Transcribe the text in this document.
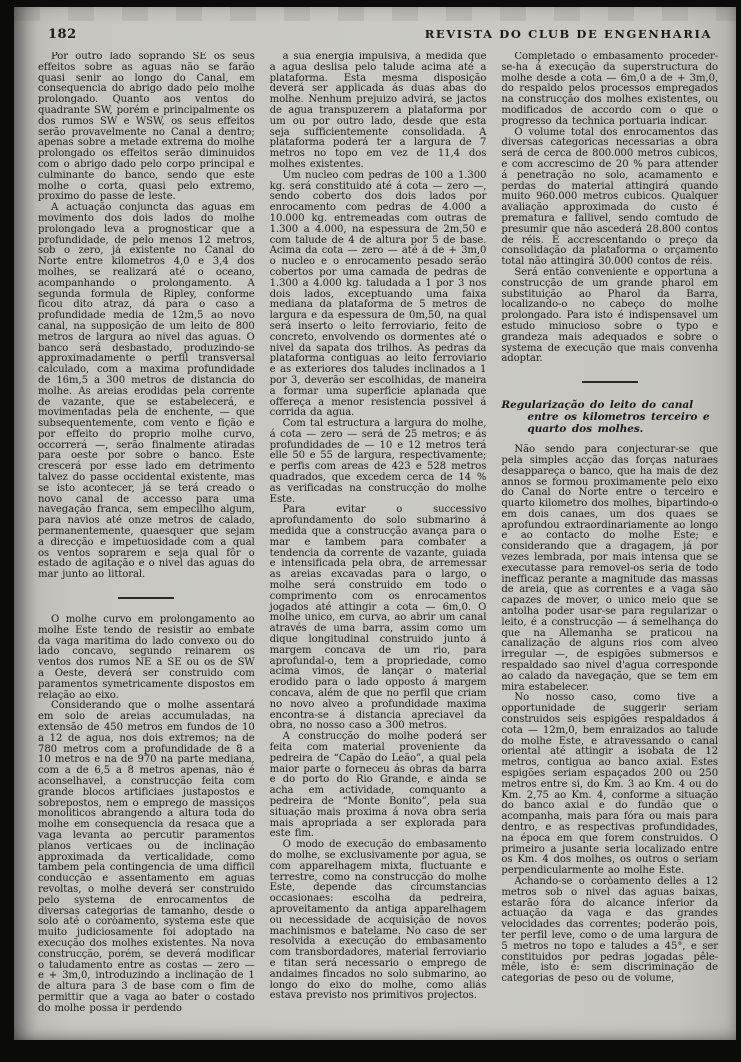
182	REVISTA DO CLUB DE ENGENHARIA

Por outro lado soprando SE os seus effeitos sobre as aguas não se farão quasi senir ao longo do Canal, em consequencia do abrigo dado pelo molhe prolongado. Quanto aos ventos do quadrante SW, porém e principalmente os dos rumos SW e WSW, os seus effeitos serão provavelmente no Canal a dentro; apenas sobre a metade extrema do molhe prolongado os effeitos serão diminuidos com o abrigo dado pelo corpo principal e culminante do banco, sendo que este molhe o corta, quasi pelo extremo, proximo do passe de leste.

A actuação conjuncta das aguas em movimento dos dois lados do molhe prolongado leva a prognosticar que a profundidade, de pelo menos 12 metros, sob o zero, já existente no Canal do Norte entre kilometros 4,0 e 3,4 dos molhes, se realizará até o oceano, acompanhando o prolongamento. A segunda formula de Ripley, conforme ficou dito atraz, dá para o caso a profundidade media de 12m,5 ao novo canal, na supposição de um leito de 800 metros de largura ao nivel das aguas. O banco será desbastado, produzindo-se approximadamente o perfil transversal calculado, com a maxima profundidade de 16m,5 a 300 metros de distancia do molhe. As areias erodidas pela corrente de vazante, que se estabelecerá, e movimentadas pela de enchente, — que subsequentemente, com vento e fição e por effeito do proprio molhe curvo, occorrerá —, serão finalmente atiradas para oeste por sobre o banco. Este crescerá por esse lado em detrimento talvez do passe occidental existente, mas se isto acontecer, já se terá creado o novo canal de accesso para uma navegação franca, sem empecilho algum, para navios até onze metros de calado, permanentemente, quaesquer que sejam a direcção e impetuosidade com a qual os ventos soprarem e seja qual fôr o estado de agitação e o nivel das aguas do mar junto ao littoral.

O molhe curvo em prolongamento ao molhe Este tendo de resistir ao embate da vaga maritima do lado convexo ou do lado concavo, segundo reinarem os ventos dos rumos NE a SE ou os de SW a Oeste, deverá ser construido com paramentos symetricamente dispostos em relação ao eixo.

Considerando que o molhe assentará em solo de areias accumuladas, na extensão de 450 metros em fundos de 10 a 12 de agua, nos dois extremos; na de 780 metros com a profundidade de 8 a 10 metros e na de 970 na parte mediana, com a de 6,5 a 8 metros apenas, não é aconselhavel, a construcção feita com grande blocos artificiaes justapostos e sobrepostos, nem o emprego de massiços monoliticos abrangendo a altura toda do molhe em consequencia da resaca que a vaga levanta ao percutir paramentos planos verticaes ou de inclinação approximada da verticalidade, como tambem pela contingencia de uma difficil conducção e assentamento em aguas revoltas, o molhe deverá ser construido pelo systema de enrocamentos de diversas categorias de tamanho, desde o solo até o coròamento, systema este que muito judiciosamente foi adoptado na execução dos molhes existentes. Na nova construcção, porém, se deverá modificar o taludamento entre as costas — zero — e + 3m,0, introduzindo a inclinação de 1 de altura para 3 de base com o fim de permittir que a vaga ao bater o costado do molhe possa ir perdendo

a sua energia impulsiva, á medida que a agua deslisa pelo talude acima até a plataforma. Esta mesma disposição deverá ser applicada ás duas abas do molhe. Nenhum prejuizo advirá, se jactos de agua transpuzerem a plataforma por um ou por outro lado, desde que esta seja sufficientemente consolidada. A plataforma poderá ter a largura de 7 metros no topo em vez de 11,4 dos molhes existentes.

Um nucleo com pedras de 100 a 1.300 kg. será constituido até á cota — zero —, sendo coberto dos dois lados por enrocamento com pedras de 4.000 a 10.000 kg. entremeadas com outras de 1.300 a 4.000, na espessura de 2m,50 e com talude de 4 de altura por 5 de base. Acima da cota — zero — até á de + 3m,0 o nucleo e o enrocamento pesado serão cobertos por uma camada de pedras de 1.300 a 4.000 kg. taludada a 1 por 3 nos dois lados, exceptuando uma faixa mediana da plataforma de 5 metros de largura e da espessura de 0m,50, na qual será inserto o leito ferroviario, feito de concreto, envolvendo os dormentes até o nivel da sapata dos trilhos. As pedras da plataforma contiguas ao leito ferroviario e as exteriores dos taludes inclinados a 1 por 3, deverão ser escolhidas, de maneira a formar uma superficie aplanada que offereça a menor resistencia possivel á corrida da agua.

Com tal estructura a largura do molhe, á cota — zero — será de 25 metros; e ás profundidades de — 10 e 12 metros terá elle 50 e 55 de largura, respectivamente; e perfis com areas de 423 e 528 metros quadrados, que excedem cerca de 14 % as verificadas na construcção do molhe Este.

Para evitar o successivo aprofundamento do solo submarino á medida que a construcção avança para o mar e tambem para combater a tendencia da corrente de vazante, guiada e intensificada pela obra, de arremessar as areias excavadas para o largo, o molhe será construido em todo o comprimento com os enrocamentos jogados até attingir a cota — 6m,0. O molhe unico, em curva, ao abrir um canal através de uma barra, assim como um dique longitudinal construido junto á margem concava de um rio, para aprofundal-o, tem a propriedade, como acima vimos, de lançar o material erodido para o lado opposto á margem concava, além de que no perfil que criam no novo alveo a profundidade maxima encontra-se á distancia apreciavel da obra, no nosso caso a 300 metros.

A construcção do molhe poderá ser feita com material proveniente da pedreira de “Capão do Leão”, a qual pela maior parte o forneceu ás obras da barra e do porto do Rio Grande, e ainda se acha em actividade, comquanto a pedreira de “Monte Bonito”, pela sua situação mais proxima á nova obra seria mais apropriada a ser explorada para este fim.

O modo de execução do embasamento do molhe, se exclusivamente por agua, se com apparelhagem mixta, fluctuante e terrestre, como na construcção do molhe Este, depende das circumstancias occasionaes: escolha da pedreira, aproveitamento da antiga apparelhagem ou necessidade de acquisição de novos machinismos e batelame. No caso de ser resolvida a execução do embasamento com transbordadores, material ferroviario e titan será necessario o emprego de andaimes fincados no solo submarino, ao longo do eixo do molhe, como aliás estava previsto nos primitivos projectos.

Completado o embasamento proceder-se-ha á execução da superstructura do molhe desde a cota — 6m,0 a de + 3m,0, do respaldo pelos processos empregados na construcção dos molhes existentes, ou modificados de accordo com o que o progresso da technica portuaria indicar.

O volume total dos enrocamentos das diversas categoricas necessarias a obra será de cerca de 800.000 metros cubicos, e com accrescimo de 20 % para attender á penetração no solo, acamamento e perdas do material attingirá quando muito 960.000 metros cubicos. Qualquer avaliação approximada do custo é prematura e fallivel, sendo comtudo de presumir que não ascederá 28.800 contos de réis. E accrescentando o preço da consolidação da plataforma o orçamento total não attingirá 30.000 contos de réis.

Será então conveniente e opportuna a construcção de um grande pharol em substituição ao Pharol da Barra, localizando-o no cabeço do molhe prolongado. Para isto é indispensavel um estudo minucioso sobre o typo e grandeza mais adequados e sobre o systema de execução que mais convenha adoptar.

Regularização do leito do canal entre os kilometros terceiro e quarto dos molhes.

Não sendo para conjecturar-se que pela simples acção das forças naturaes desappareça o banco, que ha mais de dez annos se formou proximamente pelo eixo do Canal do Norte entre o terceiro e quarto kilometro dos molhes, bipartindo-o em dois canaes, um dos quaes se aprofundou extraordinariamente ao longo e ao contacto do molhe Este; e considerando que a dragagem, já por vezes lembrada, por mais intensa que se executasse para removel-os seria de todo inefficaz perante a magnitude das massas de areia, que as correntes e a vaga são capazes de mover, o unico meio que se antolha poder usar-se para regularizar o leito, é a construcção — á semelhança do que na Allemanha se praticou na canalização de alguns rios com alveo irregular —, de espigões submersos e respaldado sao nivel d'agua corresponde ao calado da navegação, que se tem em mira estabelecer.

No nosso caso, como tive a opportunidade de suggerir seriam construidos seis espigões respaldados á cota — 12m,0, bem enraizados ao talude do molhe Este, e atravessando o canal oriental até attingir a isobata de 12 metros, contigua ao banco axial. Estes espigões seriam espaçados 200 ou 250 metros entre si, do Km. 3 ao Km. 4 ou do Km. 2,75 ao Km. 4, conforme a situação do banco axial e do fundão que o acompanha, mais para fóra ou mais para dentro, e as respectivas profundidades, na época em que forem construidos. O primeiro a jusante seria localizado entre os Km. 4 dos molhes, os outros o seriam perpendicularmente ao molhe Este.

Achando-se o coròamento delles a 12 metros sob o nivel das aguas baixas, estarão fóra do alcance inferior da actuação da vaga e das grandes velocidades das correntes; poderão pois, ter perfil leve, como o de uma largura de 5 metros no topo e taludes a 45°, e ser constituidos por pedras jogadas pêle-mêle, isto é: sem discriminação de categorias de peso ou de volume,
